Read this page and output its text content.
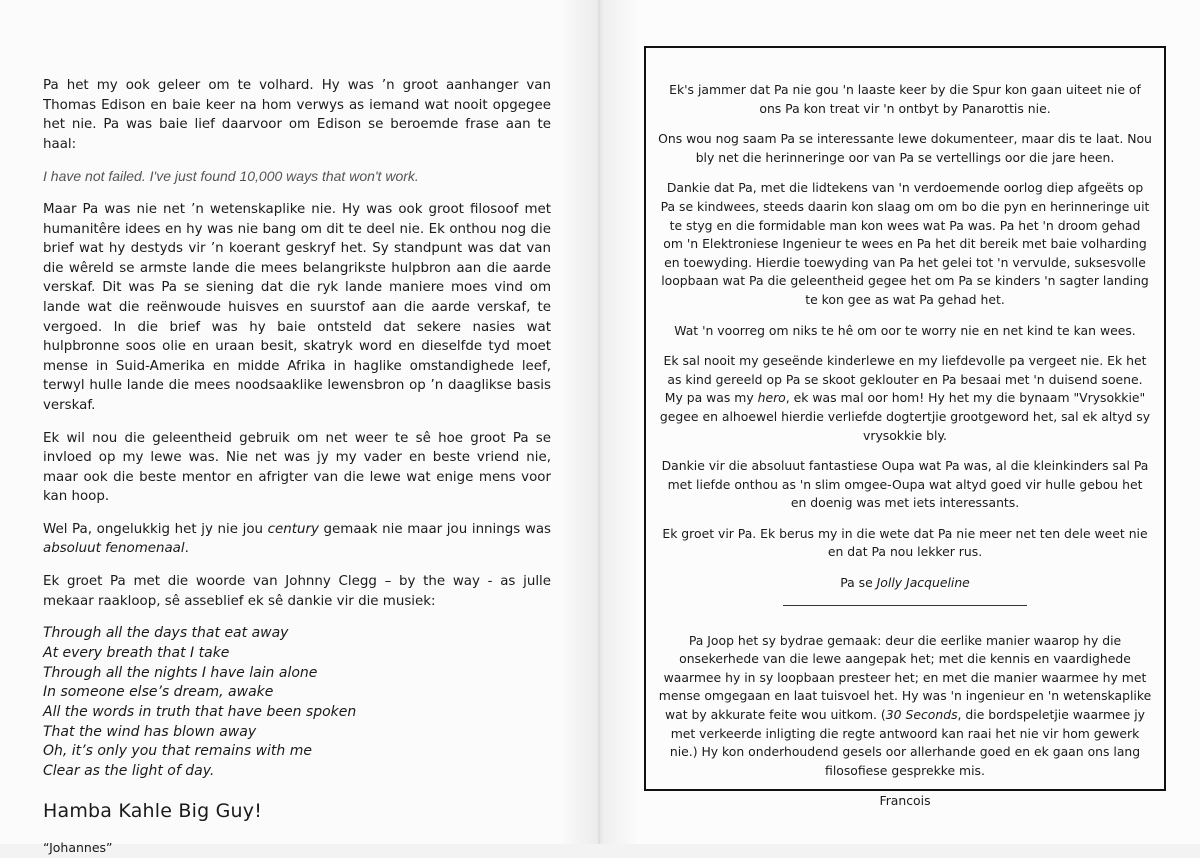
Pa het my ook geleer om te volhard. Hy was ’n groot aanhanger van Thomas Edison en baie keer na hom verwys as iemand wat nooit opgegee het nie. Pa was baie lief daarvoor om Edison se beroemde frase aan te haal:

I have not failed. I've just found 10,000 ways that won't work.

Maar Pa was nie net ’n wetenskaplike nie. Hy was ook groot filosoof met humanitêre idees en hy was nie bang om dit te deel nie. Ek onthou nog die brief wat hy destyds vir ’n koerant geskryf het. Sy standpunt was dat van die wêreld se armste lande die mees belangrikste hulpbron aan die aarde verskaf. Dit was Pa se siening dat die ryk lande maniere moes vind om lande wat die reënwoude huisves en suurstof aan die aarde verskaf, te vergoed. In die brief was hy baie ontsteld dat sekere nasies wat hulpbronne soos olie en uraan besit, skatryk word en dieselfde tyd moet mense in Suid-Amerika en midde Afrika in haglike omstandighede leef, terwyl hulle lande die mees noodsaaklike lewensbron op ’n daaglikse basis verskaf.

Ek wil nou die geleentheid gebruik om net weer te sê hoe groot Pa se invloed op my lewe was. Nie net was jy my vader en beste vriend nie, maar ook die beste mentor en afrigter van die lewe wat enige mens voor kan hoop.

Wel Pa, ongelukkig het jy nie jou century gemaak nie maar jou innings was absoluut fenomenaal.

Ek groet Pa met die woorde van Johnny Clegg – by the way - as julle mekaar raakloop, sê asseblief ek sê dankie vir die musiek:

Through all the days that eat away
At every breath that I take
Through all the nights I have lain alone
In someone else’s dream, awake
All the words in truth that have been spoken
That the wind has blown away
Oh, it’s only you that remains with me
Clear as the light of day.
Hamba Kahle Big Guy!
“Johannes”

Ek's jammer dat Pa nie gou 'n laaste keer by die Spur kon gaan uiteet nie of ons Pa kon treat vir 'n ontbyt by Panarottis nie.

Ons wou nog saam Pa se interessante lewe dokumenteer, maar dis te laat. Nou bly net die herinneringe oor van Pa se vertellings oor die jare heen.

Dankie dat Pa, met die lidtekens van 'n verdoemende oorlog diep afgeëts op Pa se kindwees, steeds daarin kon slaag om om bo die pyn en herinneringe uit te styg en die formidable man kon wees wat Pa was. Pa het 'n droom gehad om 'n Elektroniese Ingenieur te wees en Pa het dit bereik met baie volharding en toewyding. Hierdie toewyding van Pa het gelei tot 'n vervulde, suksesvolle loopbaan wat Pa die geleentheid gegee het om Pa se kinders 'n sagter landing te kon gee as wat Pa gehad het.

Wat 'n voorreg om niks te hê om oor te worry nie en net kind te kan wees.

Ek sal nooit my geseënde kinderlewe en my liefdevolle pa vergeet nie. Ek het as kind gereeld op Pa se skoot geklouter en Pa besaai met 'n duisend soene. My pa was my hero, ek was mal oor hom! Hy het my die bynaam "Vrysokkie" gegee en alhoewel hierdie verliefde dogtertjie grootgeword het, sal ek altyd sy vrysokkie bly.

Dankie vir die absoluut fantastiese Oupa wat Pa was, al die kleinkinders sal Pa met liefde onthou as 'n slim omgee-Oupa wat altyd goed vir hulle gebou het en doenig was met iets interessants.

Ek groet vir Pa. Ek berus my in die wete dat Pa nie meer net ten dele weet nie en dat Pa nou lekker rus.

Pa se Jolly Jacqueline

Pa Joop het sy bydrae gemaak: deur die eerlike manier waarop hy die onsekerhede van die lewe aangepak het; met die kennis en vaardighede waarmee hy in sy loopbaan presteer het; en met die manier waarmee hy met mense omgegaan en laat tuisvoel het. Hy was 'n ingenieur en 'n wetenskaplike wat by akkurate feite wou uitkom. (30 Seconds, die bordspeletjie waarmee jy met verkeerde inligting die regte antwoord kan raai het nie vir hom gewerk nie.) Hy kon onderhoudend gesels oor allerhande goed en ek gaan ons lang filosofiese gesprekke mis.

Francois
